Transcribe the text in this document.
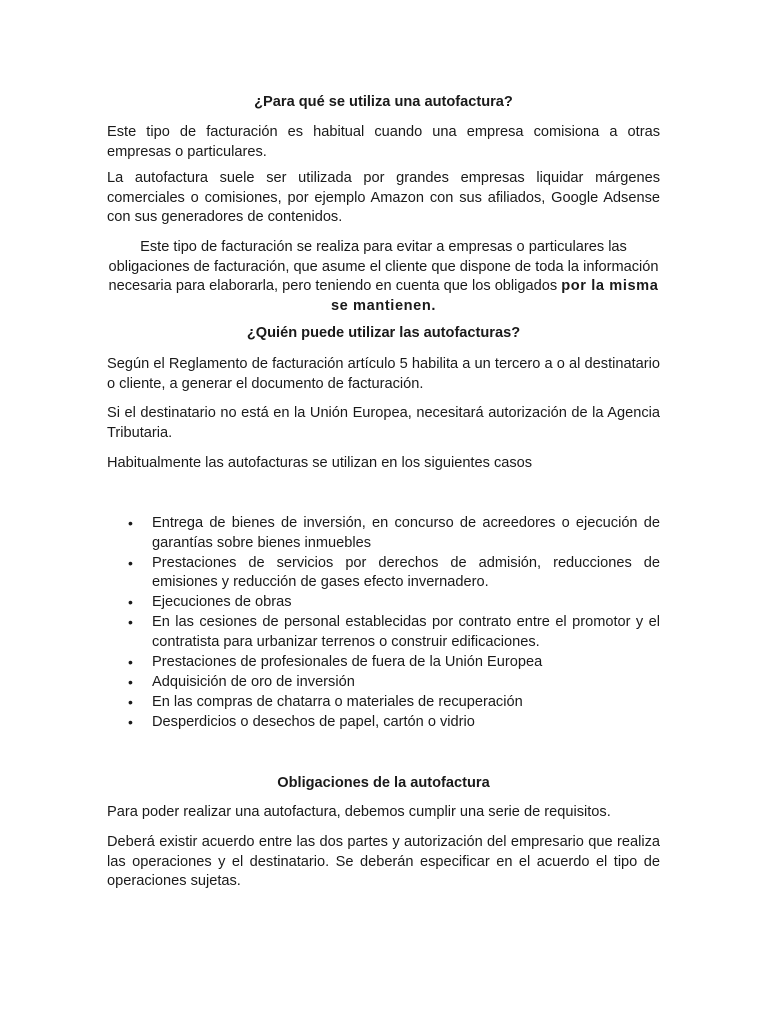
¿Para qué se utiliza una autofactura?

Este tipo de facturación es habitual cuando una empresa comisiona a otras empresas o particulares.

La autofactura suele ser utilizada por grandes empresas liquidar márgenes comerciales o comisiones, por ejemplo Amazon con sus afiliados, Google Adsense con sus generadores de contenidos.

Este tipo de facturación se realiza para evitar a empresas o particulares las obligaciones de facturación, que asume el cliente que dispone de toda la información necesaria para elaborarla, pero teniendo en cuenta que los obligados por la misma se mantienen.

¿Quién puede utilizar las autofacturas?

Según el Reglamento de facturación artículo 5 habilita a un tercero a o al destinatario o cliente, a generar el documento de facturación.

Si el destinatario no está en la Unión Europea, necesitará autorización de la Agencia Tributaria.

Habitualmente las autofacturas se utilizan en los siguientes casos

• Entrega de bienes de inversión, en concurso de acreedores o ejecución de garantías sobre bienes inmuebles
• Prestaciones de servicios por derechos de admisión, reducciones de emisiones y reducción de gases efecto invernadero.
• Ejecuciones de obras
• En las cesiones de personal establecidas por contrato entre el promotor y el contratista para urbanizar terrenos o construir edificaciones.
• Prestaciones de profesionales de fuera de la Unión Europea
• Adquisición de oro de inversión
• En las compras de chatarra o materiales de recuperación
• Desperdicios o desechos de papel, cartón o vidrio
Obligaciones de la autofactura

Para poder realizar una autofactura, debemos cumplir una serie de requisitos.

Deberá existir acuerdo entre las dos partes y autorización del empresario que realiza las operaciones y el destinatario. Se deberán especificar en el acuerdo el tipo de operaciones sujetas.
